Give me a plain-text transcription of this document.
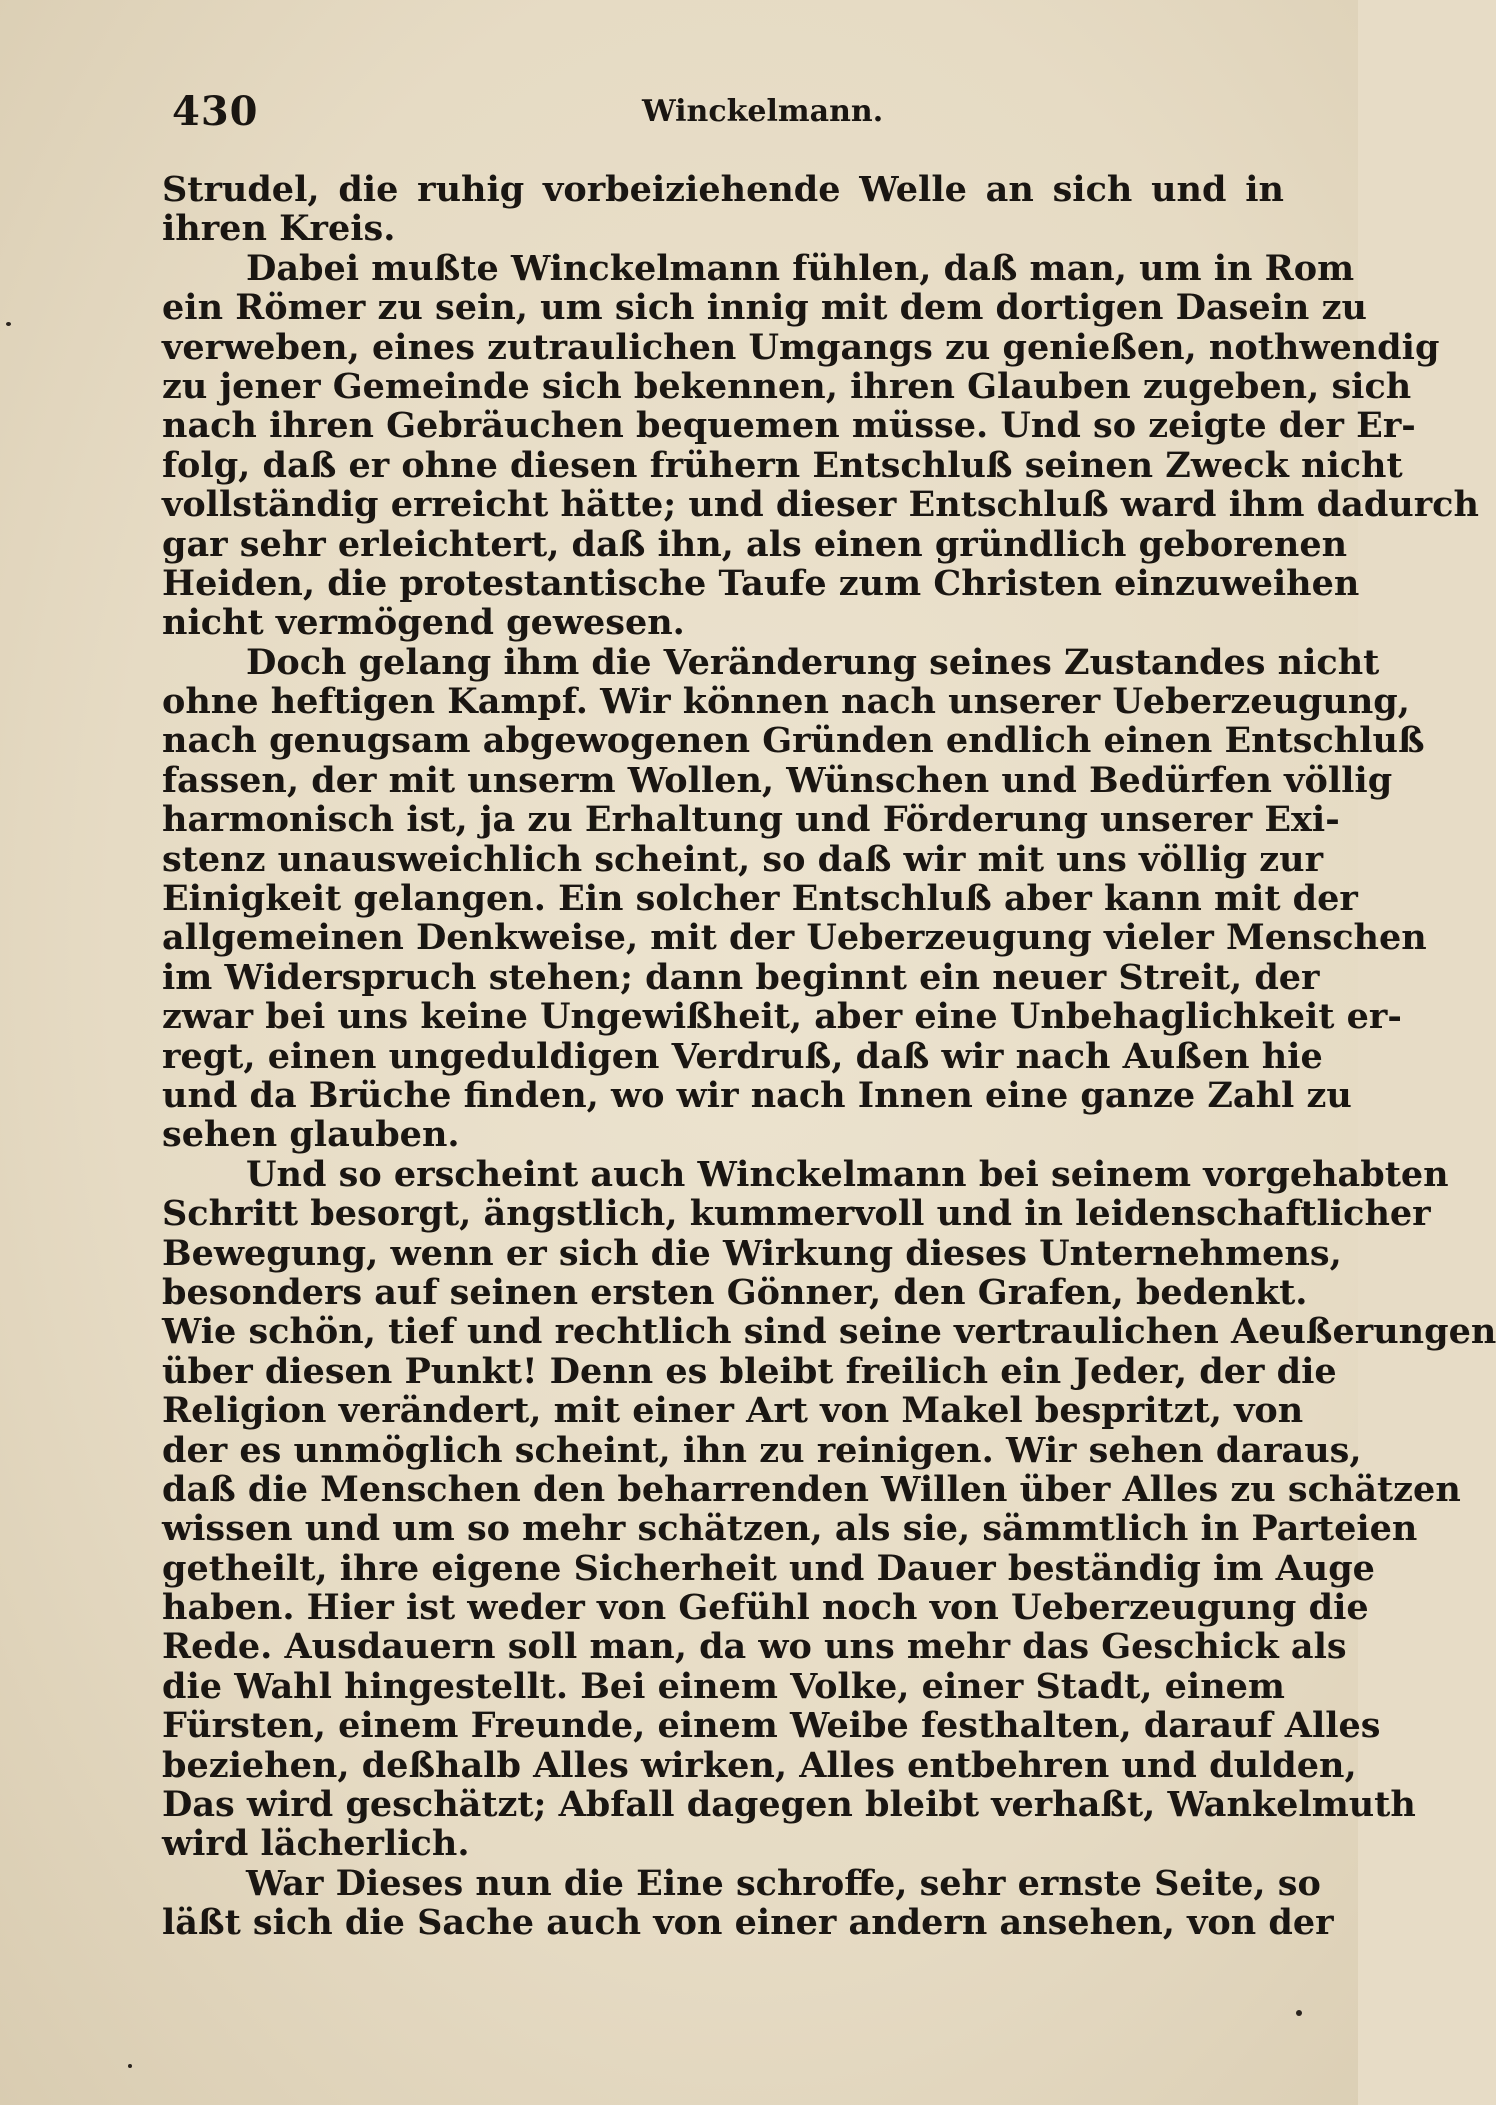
430	Winckelmann.
Strudel, die ruhig vorbeiziehende Welle an sich und in
ihren Kreis.
Dabei mußte Winckelmann fühlen, daß man, um in Rom
ein Römer zu sein, um sich innig mit dem dortigen Dasein zu
verweben, eines zutraulichen Umgangs zu genießen, nothwendig
zu jener Gemeinde sich bekennen, ihren Glauben zugeben, sich
nach ihren Gebräuchen bequemen müsse. Und so zeigte der Er-
folg, daß er ohne diesen frühern Entschluß seinen Zweck nicht
vollständig erreicht hätte; und dieser Entschluß ward ihm dadurch
gar sehr erleichtert, daß ihn, als einen gründlich geborenen
Heiden, die protestantische Taufe zum Christen einzuweihen
nicht vermögend gewesen.
Doch gelang ihm die Veränderung seines Zustandes nicht
ohne heftigen Kampf. Wir können nach unserer Ueberzeugung,
nach genugsam abgewogenen Gründen endlich einen Entschluß
fassen, der mit unserm Wollen, Wünschen und Bedürfen völlig
harmonisch ist, ja zu Erhaltung und Förderung unserer Exi-
stenz unausweichlich scheint, so daß wir mit uns völlig zur
Einigkeit gelangen. Ein solcher Entschluß aber kann mit der
allgemeinen Denkweise, mit der Ueberzeugung vieler Menschen
im Widerspruch stehen; dann beginnt ein neuer Streit, der
zwar bei uns keine Ungewißheit, aber eine Unbehaglichkeit er-
regt, einen ungeduldigen Verdruß, daß wir nach Außen hie
und da Brüche finden, wo wir nach Innen eine ganze Zahl zu
sehen glauben.
Und so erscheint auch Winckelmann bei seinem vorgehabten
Schritt besorgt, ängstlich, kummervoll und in leidenschaftlicher
Bewegung, wenn er sich die Wirkung dieses Unternehmens,
besonders auf seinen ersten Gönner, den Grafen, bedenkt.
Wie schön, tief und rechtlich sind seine vertraulichen Aeußerungen
über diesen Punkt! Denn es bleibt freilich ein Jeder, der die
Religion verändert, mit einer Art von Makel bespritzt, von
der es unmöglich scheint, ihn zu reinigen. Wir sehen daraus,
daß die Menschen den beharrenden Willen über Alles zu schätzen
wissen und um so mehr schätzen, als sie, sämmtlich in Parteien
getheilt, ihre eigene Sicherheit und Dauer beständig im Auge
haben. Hier ist weder von Gefühl noch von Ueberzeugung die
Rede. Ausdauern soll man, da wo uns mehr das Geschick als
die Wahl hingestellt. Bei einem Volke, einer Stadt, einem
Fürsten, einem Freunde, einem Weibe festhalten, darauf Alles
beziehen, deßhalb Alles wirken, Alles entbehren und dulden,
Das wird geschätzt; Abfall dagegen bleibt verhaßt, Wankelmuth
wird lächerlich.
War Dieses nun die Eine schroffe, sehr ernste Seite, so
läßt sich die Sache auch von einer andern ansehen, von der
